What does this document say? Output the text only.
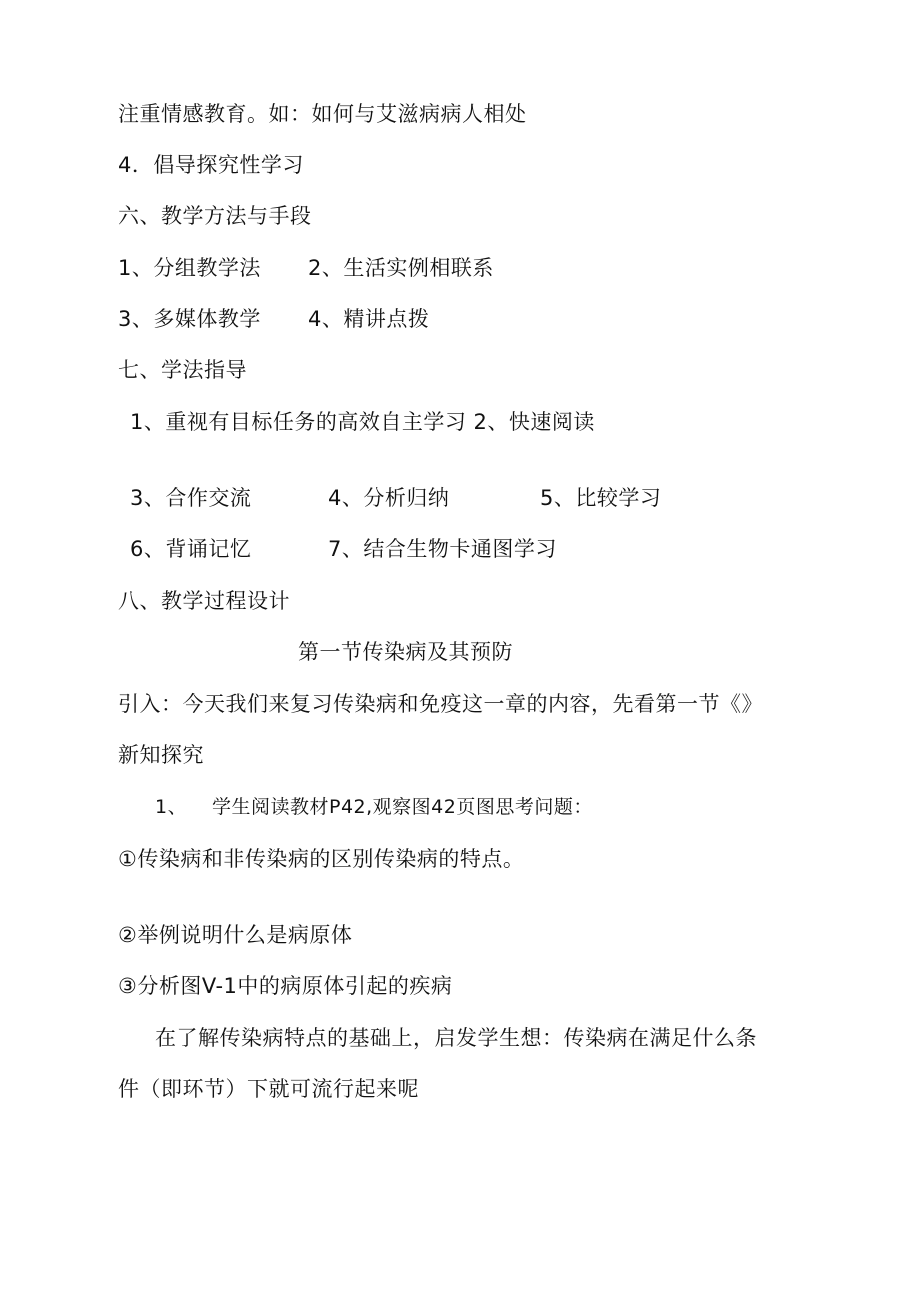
注重情感教育。如：如何与艾滋病病人相处
4．倡导探究性学习
六、教学方法与手段
1、分组教学法 2、生活实例相联系
3、多媒体教学 4、精讲点拨
七、学法指导
1、重视有目标任务的高效自主学习 2、快速阅读
3、合作交流	4、分析归纳	5、比较学习
6、背诵记忆	7、结合生物卡通图学习
八、教学过程设计
第一节传染病及其预防
引入：今天我们来复习传染病和免疫这一章的内容，先看第一节《》
新知探究
1、 学生阅读教材P42,观察图42页图思考问题：
①传染病和非传染病的区别传染病的特点。
②举例说明什么是病原体
③分析图V-1中的病原体引起的疾病
在了解传染病特点的基础上，启发学生想：传染病在满足什么条
件（即环节）下就可流行起来呢
